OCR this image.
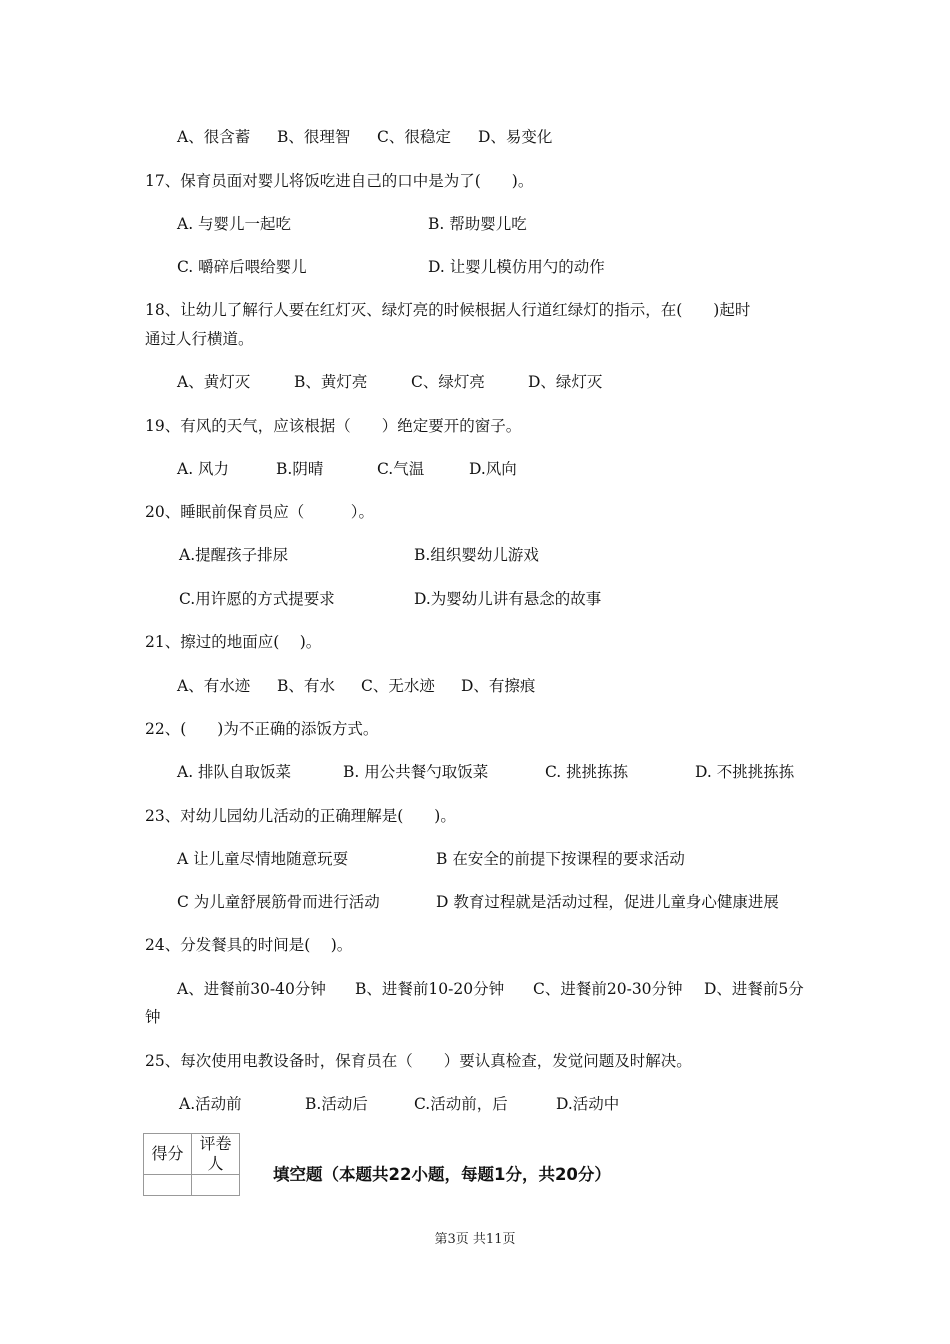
A、很含蓄 B、很理智 C、很稳定 D、易变化
17、保育员面对婴儿将饭吃进自己的口中是为了(　　)。
A. 与婴儿一起吃	B. 帮助婴儿吃
C. 嚼碎后喂给婴儿	D. 让婴儿模仿用勺的动作
18、让幼儿了解行人要在红灯灭、绿灯亮的时候根据人行道红绿灯的指示，在(　　)起时
通过人行横道。
A、黄灯灭	B、黄灯亮	C、绿灯亮	D、绿灯灭
19、有风的天气，应该根据（　　）绝定要开的窗子。
A. 风力	B.阴晴	C.气温	D.风向
20、睡眠前保育员应（　　　）。
A.提醒孩子排尿	B.组织婴幼儿游戏
C.用许愿的方式提要求	D.为婴幼儿讲有悬念的故事
21、擦过的地面应(　 )。
A、有水迹 B、有水 C、无水迹 D、有擦痕
22、(　　)为不正确的添饭方式。
A. 排队自取饭菜	B. 用公共餐勺取饭菜	C. 挑挑拣拣	D. 不挑挑拣拣
23、对幼儿园幼儿活动的正确理解是(　　)。
A 让儿童尽情地随意玩耍	B 在安全的前提下按课程的要求活动
C 为儿童舒展筋骨而进行活动	D 教育过程就是活动过程，促进儿童身心健康进展
24、分发餐具的时间是(　 )。
A、进餐前30-40分钟 B、进餐前10-20分钟 C、进餐前20-30分钟 D、进餐前5分
钟
25、每次使用电教设备时，保育员在（　　）要认真检查，发觉问题及时解决。
A.活动前	B.活动后	C.活动前，后	D.活动中
得分	评卷人

填空题（本题共22小题，每题1分，共20分）
第3页 共11页
